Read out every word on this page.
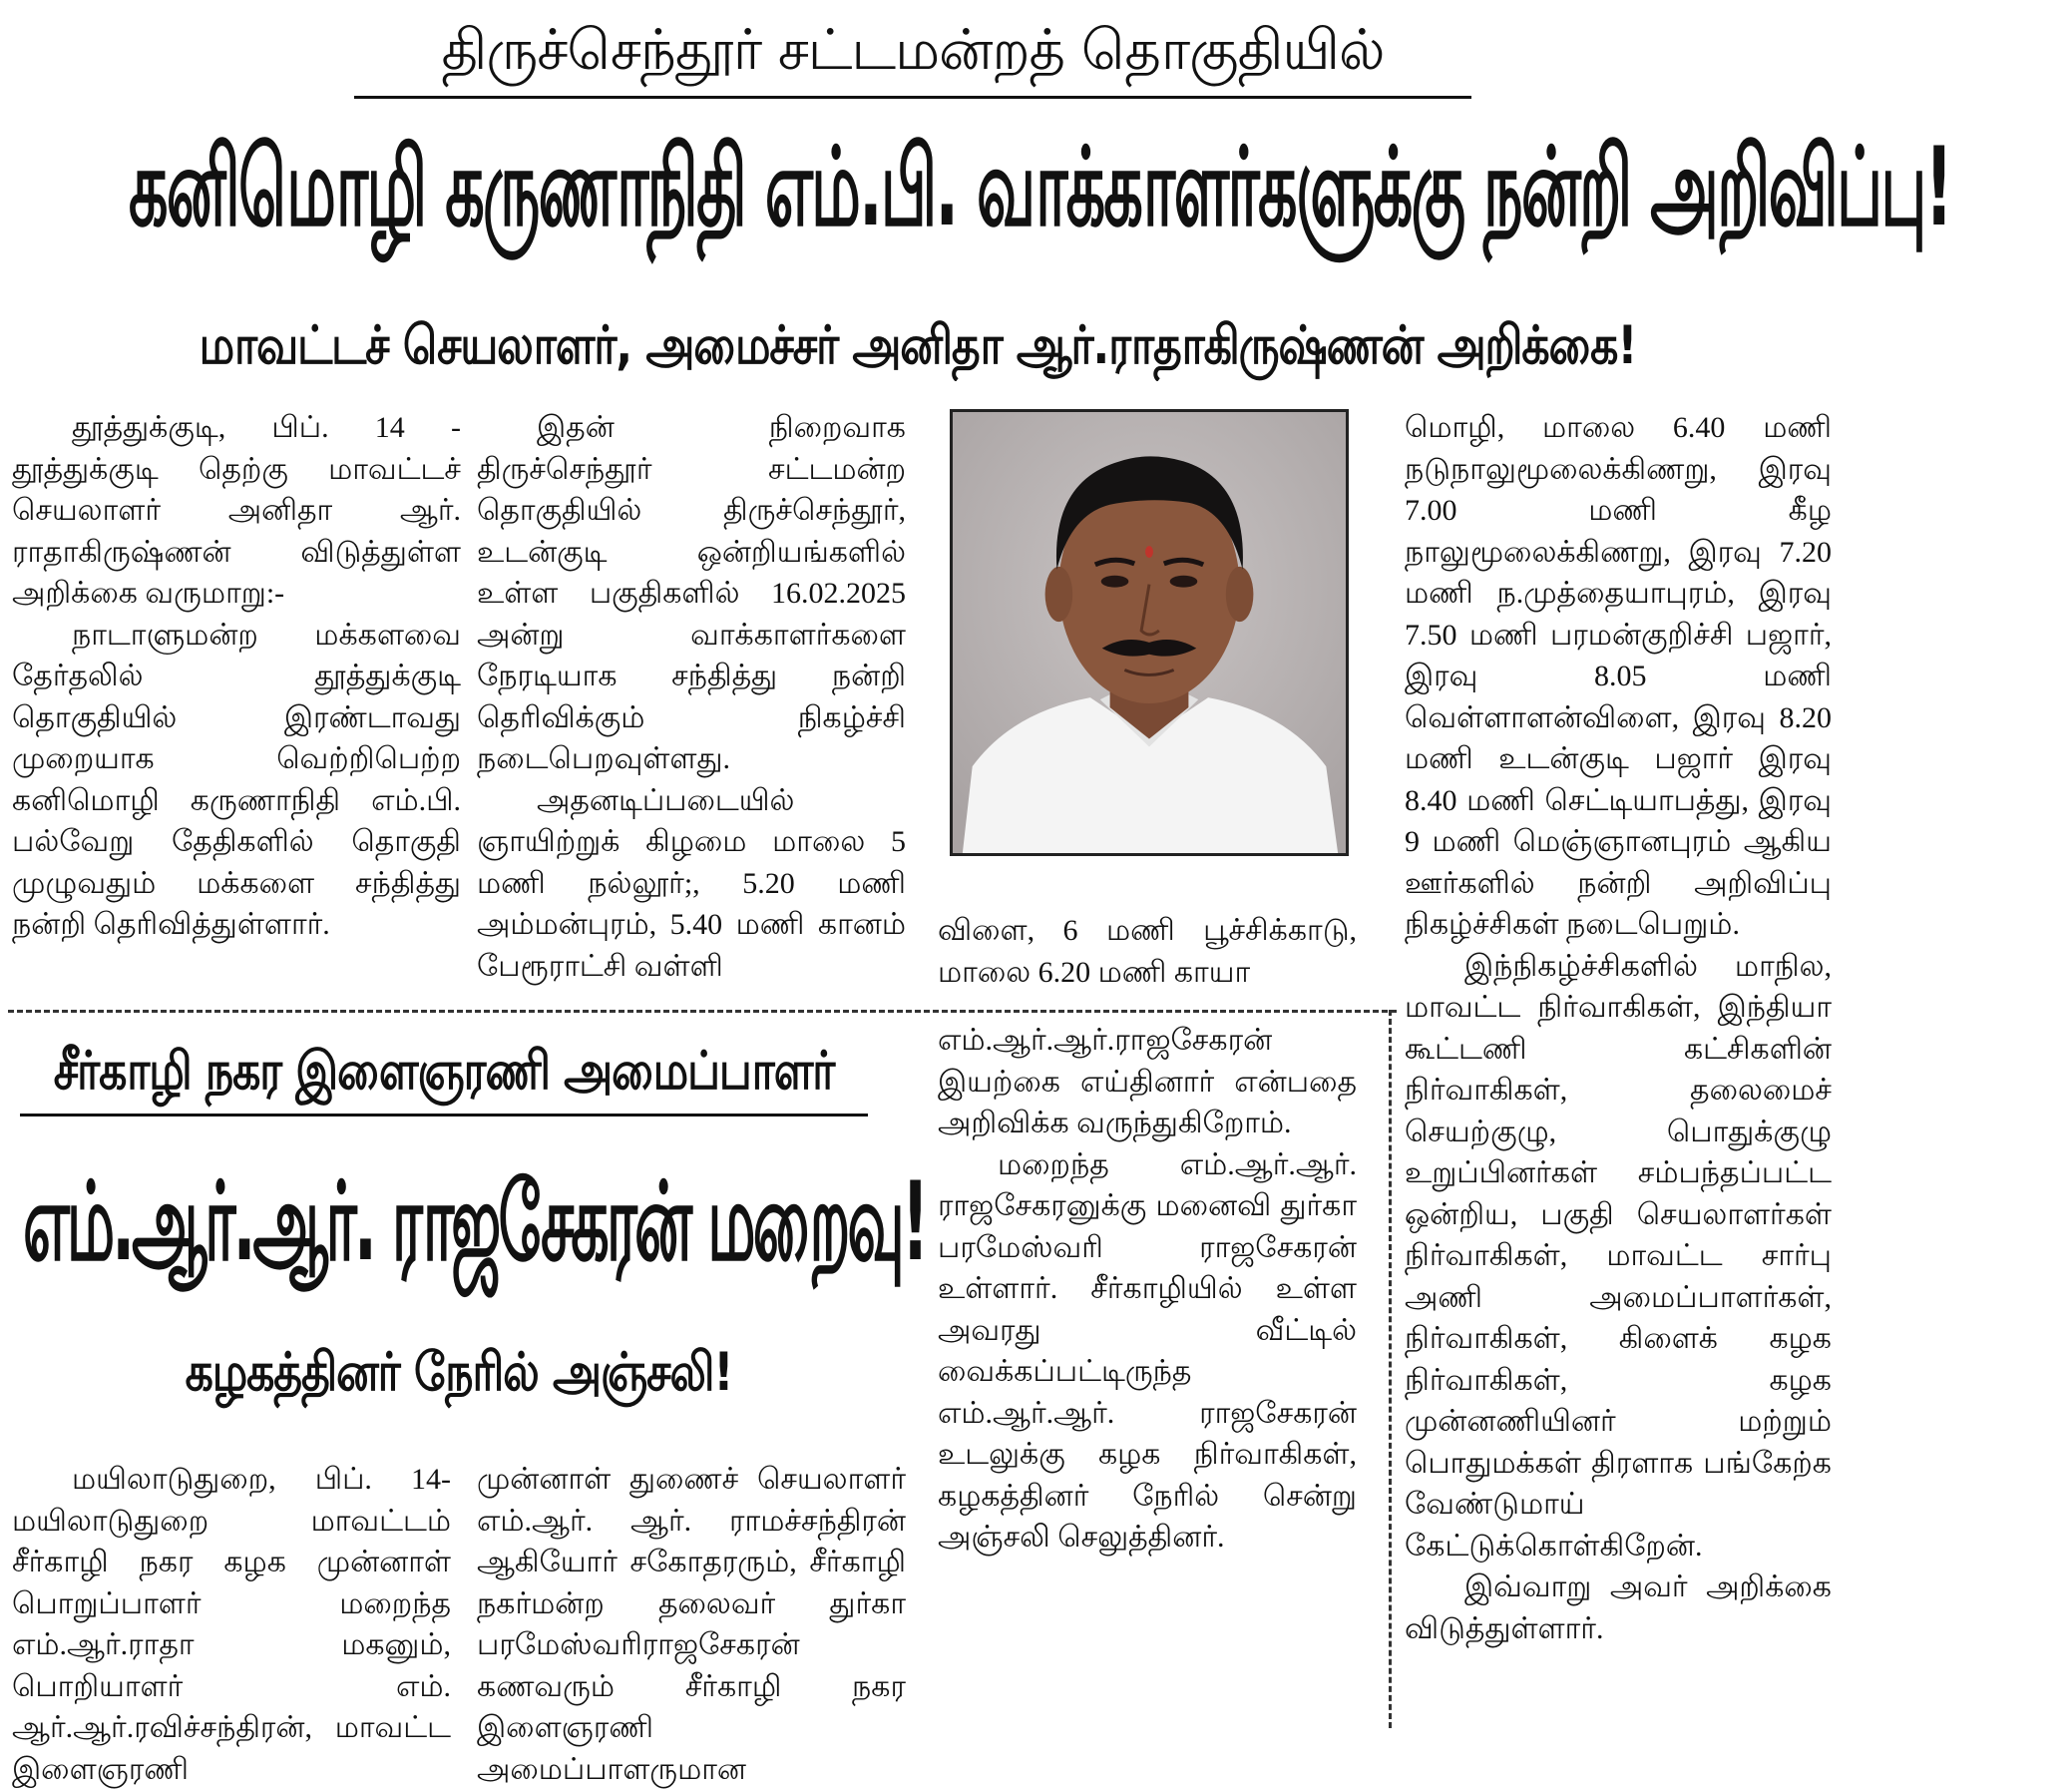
திருச்செந்தூர் சட்டமன்றத் தொகுதியில்
கனிமொழி கருணாநிதி எம்.பி. வாக்காளர்களுக்கு நன்றி அறிவிப்பு!
மாவட்டச் செயலாளர், அமைச்சர் அனிதா ஆர்.ராதாகிருஷ்ணன் அறிக்கை!

தூத்துக்குடி, பிப். 14 - தூத்துக்குடி தெற்கு மாவட்டச் செயலாளர் அனிதா ஆர். ராதாகிருஷ்ணன் விடுத்துள்ள அறிக்கை வருமாறு:-

நாடாளுமன்ற மக்களவை தேர்தலில் தூத்துக்குடி தொகுதியில் இரண்டாவது முறையாக வெற்றிபெற்ற கனிமொழி கருணாநிதி எம்.பி. பல்வேறு தேதிகளில் தொகுதி முழுவதும் மக்களை சந்தித்து நன்றி தெரிவித்துள்ளார்.

இதன் நிறைவாக திருச்செந்தூர் சட்டமன்ற தொகுதியில் திருச்செந்தூர், உடன்குடி ஒன்றியங்களில் உள்ள பகுதிகளில் 16.02.2025 அன்று வாக்காளர்களை நேரடியாக சந்தித்து நன்றி தெரிவிக்கும் நிகழ்ச்சி நடைபெறவுள்ளது.

அதனடிப்படையில் ஞாயிற்றுக் கிழமை மாலை 5 மணி நல்லூர்;, 5.20 மணி அம்மன்புரம், 5.40 மணி கானம் பேரூராட்சி வள்ளி

விளை, 6 மணி பூச்சிக்காடு, மாலை 6.20 மணி காயா

மொழி, மாலை 6.40 மணி நடுநாலுமூலைக்கிணறு, இரவு 7.00 மணி கீழ நாலுமூலைக்கிணறு, இரவு 7.20 மணி ந.முத்தையாபுரம், இரவு 7.50 மணி பரமன்குறிச்சி பஜார், இரவு 8.05 மணி வெள்ளாளன்விளை, இரவு 8.20 மணி உடன்குடி பஜார் இரவு 8.40 மணி செட்டியாபத்து, இரவு 9 மணி மெஞ்ஞானபுரம் ஆகிய ஊர்களில் நன்றி அறிவிப்பு நிகழ்ச்சிகள் நடைபெறும்.

இந்நிகழ்ச்சிகளில் மாநில, மாவட்ட நிர்வாகிகள், இந்தியா கூட்டணி கட்சிகளின் நிர்வாகிகள், தலைமைச் செயற்குழு, பொதுக்குழு உறுப்பினர்கள் சம்பந்தப்பட்ட ஒன்றிய, பகுதி செயலாளர்கள் நிர்வாகிகள், மாவட்ட சார்பு அணி அமைப்பாளர்கள், நிர்வாகிகள், கிளைக் கழக நிர்வாகிகள், கழக முன்னணியினர் மற்றும் பொதுமக்கள் திரளாக பங்கேற்க வேண்டுமாய் கேட்டுக்கொள்கிறேன்.

இவ்வாறு அவர் அறிக்கை விடுத்துள்ளார்.

சீர்காழி நகர இளைஞரணி அமைப்பாளர்
எம்.ஆர்.ஆர். ராஜசேகரன் மறைவு!
கழகத்தினர் நேரில் அஞ்சலி!

மயிலாடுதுறை, பிப். 14- மயிலாடுதுறை மாவட்டம் சீர்காழி நகர கழக முன்னாள் பொறுப்பாளர் மறைந்த எம்.ஆர்.ராதா மகனும், பொறியாளர் எம். ஆர்.ஆர்.ரவிச்சந்திரன், மாவட்ட இளைஞரணி

முன்னாள் துணைச் செயலாளர் எம்.ஆர். ஆர். ராமச்சந்திரன் ஆகியோர் சகோதரரும், சீர்காழி நகர்மன்ற தலைவர் துர்கா பரமேஸ்வரிராஜசேகரன் கணவரும் சீர்காழி நகர இளைஞரணி அமைப்பாளருமான

எம்.ஆர்.ஆர்.ராஜசேகரன் இயற்கை எய்தினார் என்பதை அறிவிக்க வருந்துகிறோம்.

மறைந்த எம்.ஆர்.ஆர். ராஜசேகரனுக்கு மனைவி துர்கா பரமேஸ்வரி ராஜசேகரன் உள்ளார். சீர்காழியில் உள்ள அவரது வீட்டில் வைக்கப்பட்டிருந்த எம்.ஆர்.ஆர். ராஜசேகரன் உடலுக்கு கழக நிர்வாகிகள், கழகத்தினர் நேரில் சென்று அஞ்சலி செலுத்தினர்.
